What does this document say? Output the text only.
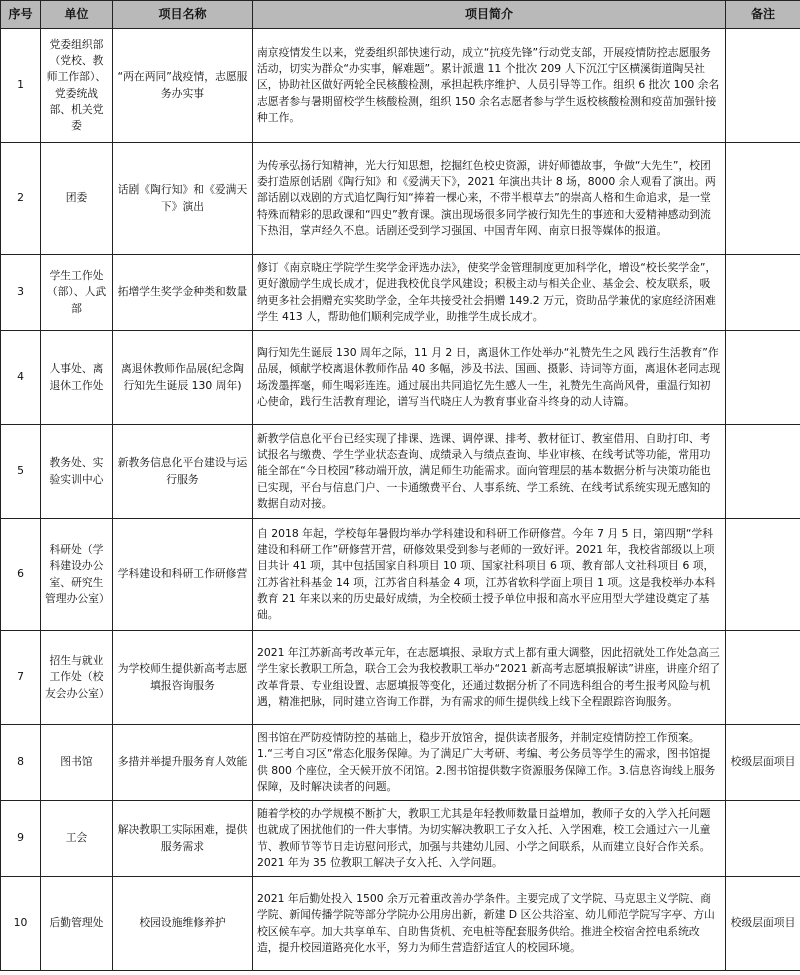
序号	单位	项目名称	项目简介	备注
1	党委组织部（党校、教师工作部）、党委统战部、机关党委	“两在两同”战疫情，志愿服务办实事	南京疫情发生以来，党委组织部快速行动，成立“抗疫先锋”行动党支部，开展疫情防控志愿服务活动，切实为群众“办实事，解难题”。累计派遣 11 个批次 209 人下沉江宁区横溪街道陶吴社区，协助社区做好两轮全民核酸检测，承担起秩序维护、人员引导等工作。组织 6 批次 100 余名志愿者参与暑期留校学生核酸检测，组织 150 余名志愿者参与学生返校核酸检测和疫苗加强针接种工作。	
2	团委	话剧《陶行知》和《爱满天下》演出	为传承弘扬行知精神，光大行知思想，挖掘红色校史资源，讲好师德故事，争做“大先生”，校团委打造原创话剧《陶行知》和《爱满天下》，2021 年演出共计 8 场，8000 余人观看了演出。两部话剧以戏剧的方式追忆陶行知“捧着一棵心来，不带半根草去”的崇高人格和生命追求，是一堂特殊而精彩的思政课和“四史”教育课。演出现场很多同学被行知先生的事迹和大爱精神感动到流下热泪，掌声经久不息。话剧还受到学习强国、中国青年网、南京日报等媒体的报道。	
3	学生工作处（部）、人武部	拓增学生奖学金种类和数量	修订《南京晓庄学院学生奖学金评选办法》，使奖学金管理制度更加科学化，增设“校长奖学金”，更好激励学生成长成才，促进我校优良学风建设；积极主动与相关企业、基金会、校友联系，吸纳更多社会捐赠充实奖助学金，全年共接受社会捐赠 149.2 万元，资助品学兼优的家庭经济困难学生 413 人，帮助他们顺利完成学业，助推学生成长成才。	
4	人事处、离退休工作处	离退休教师作品展(纪念陶行知先生诞辰 130 周年)	陶行知先生诞辰 130 周年之际，11 月 2 日，离退休工作处举办“礼赞先生之风 践行生活教育”作品展，倾献学校离退休教师作品 40 多幅，涉及书法、国画、摄影、诗词等方面，离退休老同志现场泼墨挥毫，师生喝彩连连。通过展出共同追忆先生感人一生，礼赞先生高尚风骨，重温行知初心使命，践行生活教育理论，谱写当代晓庄人为教育事业奋斗终身的动人诗篇。	
5	教务处、实验实训中心	新教务信息化平台建设与运行服务	新教学信息化平台已经实现了排课、选课、调停课、排考、教材征订、教室借用、自助打印、考试报名与缴费、学生学业状态查询、成绩录入与绩点查询、毕业审核、在线考试等功能，常用功能全部在“今日校园”移动端开放，满足师生功能需求。面向管理层的基本数据分析与决策功能也已实现，平台与信息门户、一卡通缴费平台、人事系统、学工系统、在线考试系统实现无感知的数据自动对接。	
6	科研处（学科建设办公室、研究生管理办公室）	学科建设和科研工作研修营	自 2018 年起，学校每年暑假均举办学科建设和科研工作研修营。今年 7 月 5 日，第四期“学科建设和科研工作”研修营开营，研修效果受到参与老师的一致好评。2021 年，我校省部级以上项目共计 41 项，其中包括国家自科项目 10 项、国家社科项目 6 项、教育部人文社科项目 6 项，江苏省社科基金 14 项，江苏省自科基金 4 项，江苏省软科学面上项目 1 项。这是我校举办本科教育 21 年来以来的历史最好成绩，为全校硕士授予单位申报和高水平应用型大学建设奠定了基础。	
7	招生与就业工作处（校友会办公室）	为学校师生提供新高考志愿填报咨询服务	2021 年江苏新高考改革元年，在志愿填报、录取方式上都有重大调整，因此招就处工作处急高三学生家长教职工所急，联合工会为我校教职工举办“2021 新高考志愿填报解读”讲座，讲座介绍了改革背景、专业组设置、志愿填报等变化，还通过数据分析了不同选科组合的考生报考风险与机遇，精准把脉，同时建立咨询工作群，为有需求的师生提供线上线下全程跟踪咨询服务。	
8	图书馆	多措并举提升服务育人效能	图书馆在严防疫情防控的基础上，稳步开放馆舍，提供读者服务，并制定疫情防控工作预案。1.“三考自习区”常态化服务保障。为了满足广大考研、考编、考公务员等学生的需求，图书馆提供 800 个座位，全天候开放不闭馆。2.图书馆提供数字资源服务保障工作。3.信息咨询线上服务保障，及时解决读者的问题。	校级层面项目
9	工会	解决教职工实际困难，提供服务需求	随着学校的办学规模不断扩大，教职工尤其是年轻教师数量日益增加，教师子女的入学入托问题也就成了困扰他们的一件大事情。为切实解决教职工子女入托、入学困难，校工会通过六一儿童节、教师节等节日走访慰问形式，加强与共建幼儿园、小学之间联系，从而建立良好合作关系。2021 年为 35 位教职工解决子女入托、入学问题。	
10	后勤管理处	校园设施维修养护	2021 年后勤处投入 1500 余万元着重改善办学条件。主要完成了文学院、马克思主义学院、商学院、新闻传播学院等部分学院办公用房出新，新建 D 区公共浴室、幼儿师范学院写字亭、方山校区候车亭。加大共享单车、自助售货机、充电桩等配套服务供给。推进全校宿舍控电系统改造，提升校园道路亮化水平，努力为师生营造舒适宜人的校园环境。	校级层面项目
